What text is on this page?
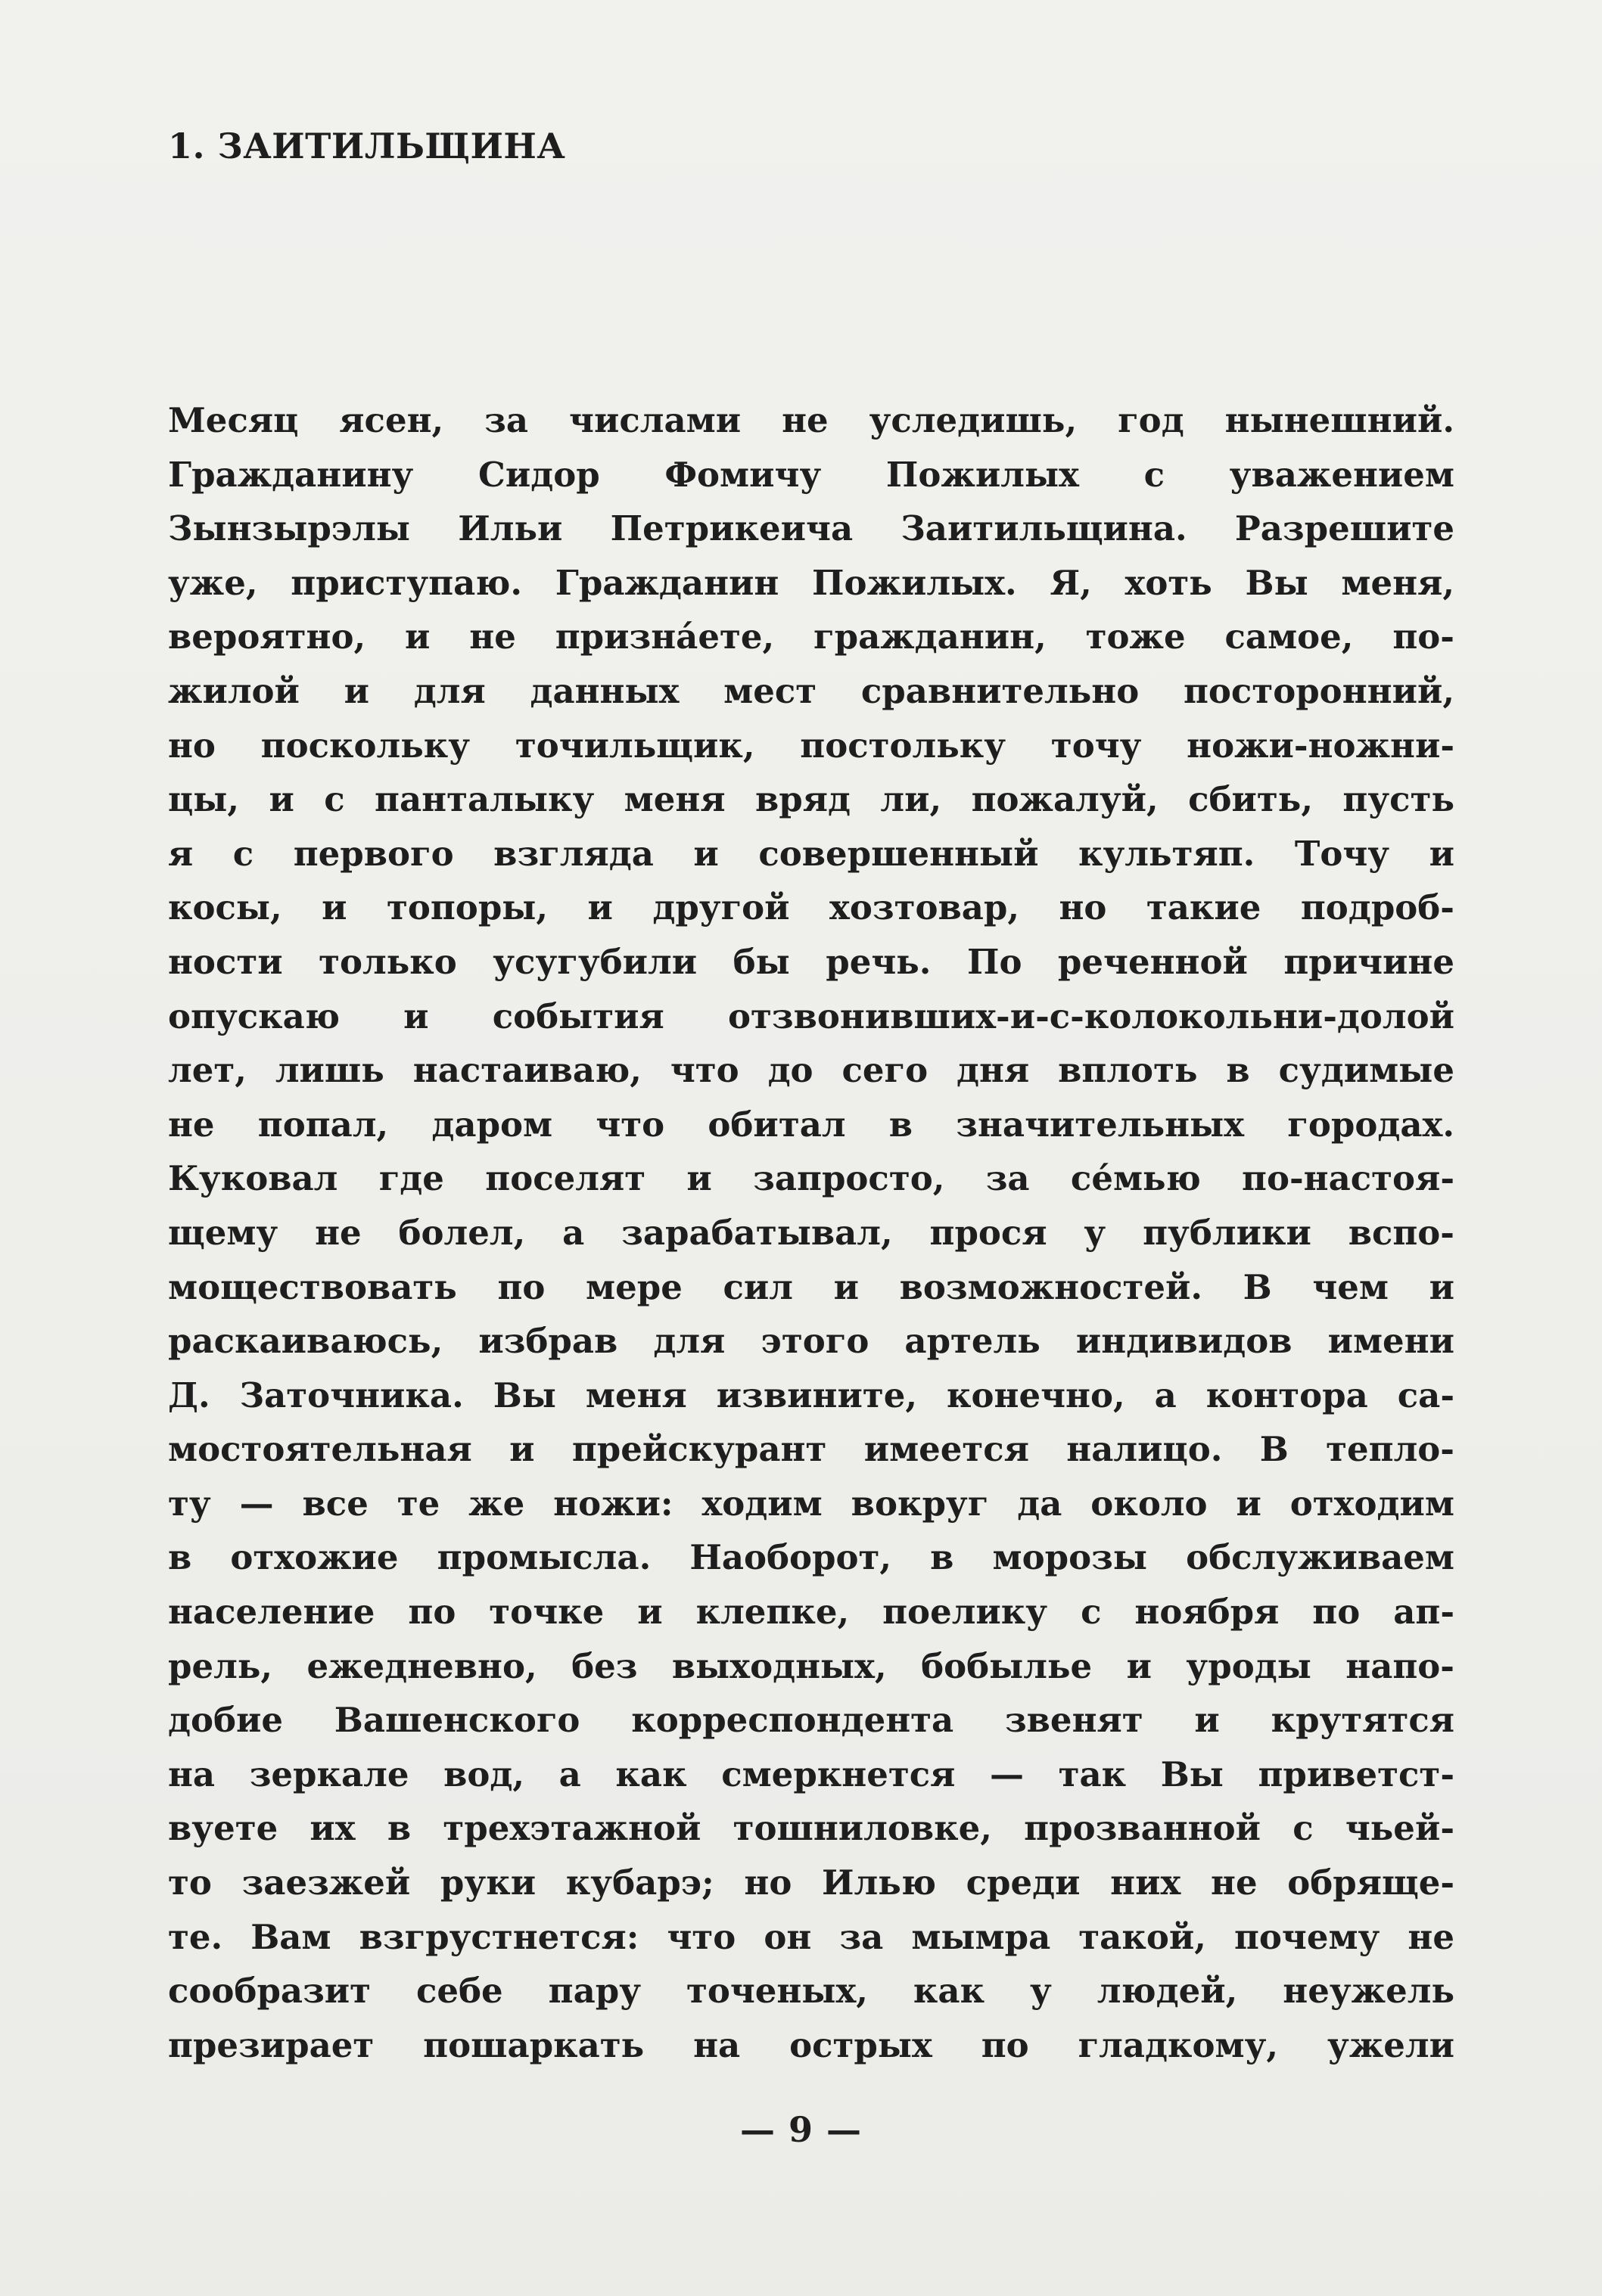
1. ЗАИТИЛЬЩИНА
Месяц ясен, за числами не уследишь, год нынешний.
Гражданину Сидор Фомичу Пожилых с уважением
Зынзырэлы Ильи Петрикеича Заитильщина. Разрешите
уже, приступаю. Гражданин Пожилых. Я, хоть Вы меня,
вероятно, и не призна́ете, гражданин, тоже самое, по-
жилой и для данных мест сравнительно посторонний,
но поскольку точильщик, постольку точу ножи-ножни-
цы, и с панталыку меня вряд ли, пожалуй, сбить, пусть
я с первого взгляда и совершенный культяп. Точу и
косы, и топоры, и другой хозтовар, но такие подроб-
ности только усугубили бы речь. По реченной причине
опускаю и события отзвонивших-и-с-колокольни-долой
лет, лишь настаиваю, что до сего дня вплоть в судимые
не попал, даром что обитал в значительных городах.
Куковал где поселят и запросто, за се́мью по-настоя-
щему не болел, а зарабатывал, прося у публики вспо-
моществовать по мере сил и возможностей. В чем и
раскаиваюсь, избрав для этого артель индивидов имени
Д. Заточника. Вы меня извините, конечно, а контора са-
мостоятельная и прейскурант имеется налицо. В теплo-
ту — все те же ножи: ходим вокруг да около и отходим
в отхожие промысла. Наоборот, в морозы обслуживаем
население по точке и клепке, поелику с ноября по ап-
рель, ежедневно, без выходных, бобылье и уроды напо-
добие Вашенского корреспондента звенят и крутятся
на зеркале вод, а как смеркнется — так Вы приветст-
вуете их в трехэтажной тошниловке, прозванной с чьей-
то заезжей руки кубарэ; но Илью среди них не обряще-
те. Вам взгрустнется: что он за мымра такой, почему не
сообразит себе пару точеных, как у людей, неужель
презирает пошаркать на острых по гладкому, ужели
— 9 —
